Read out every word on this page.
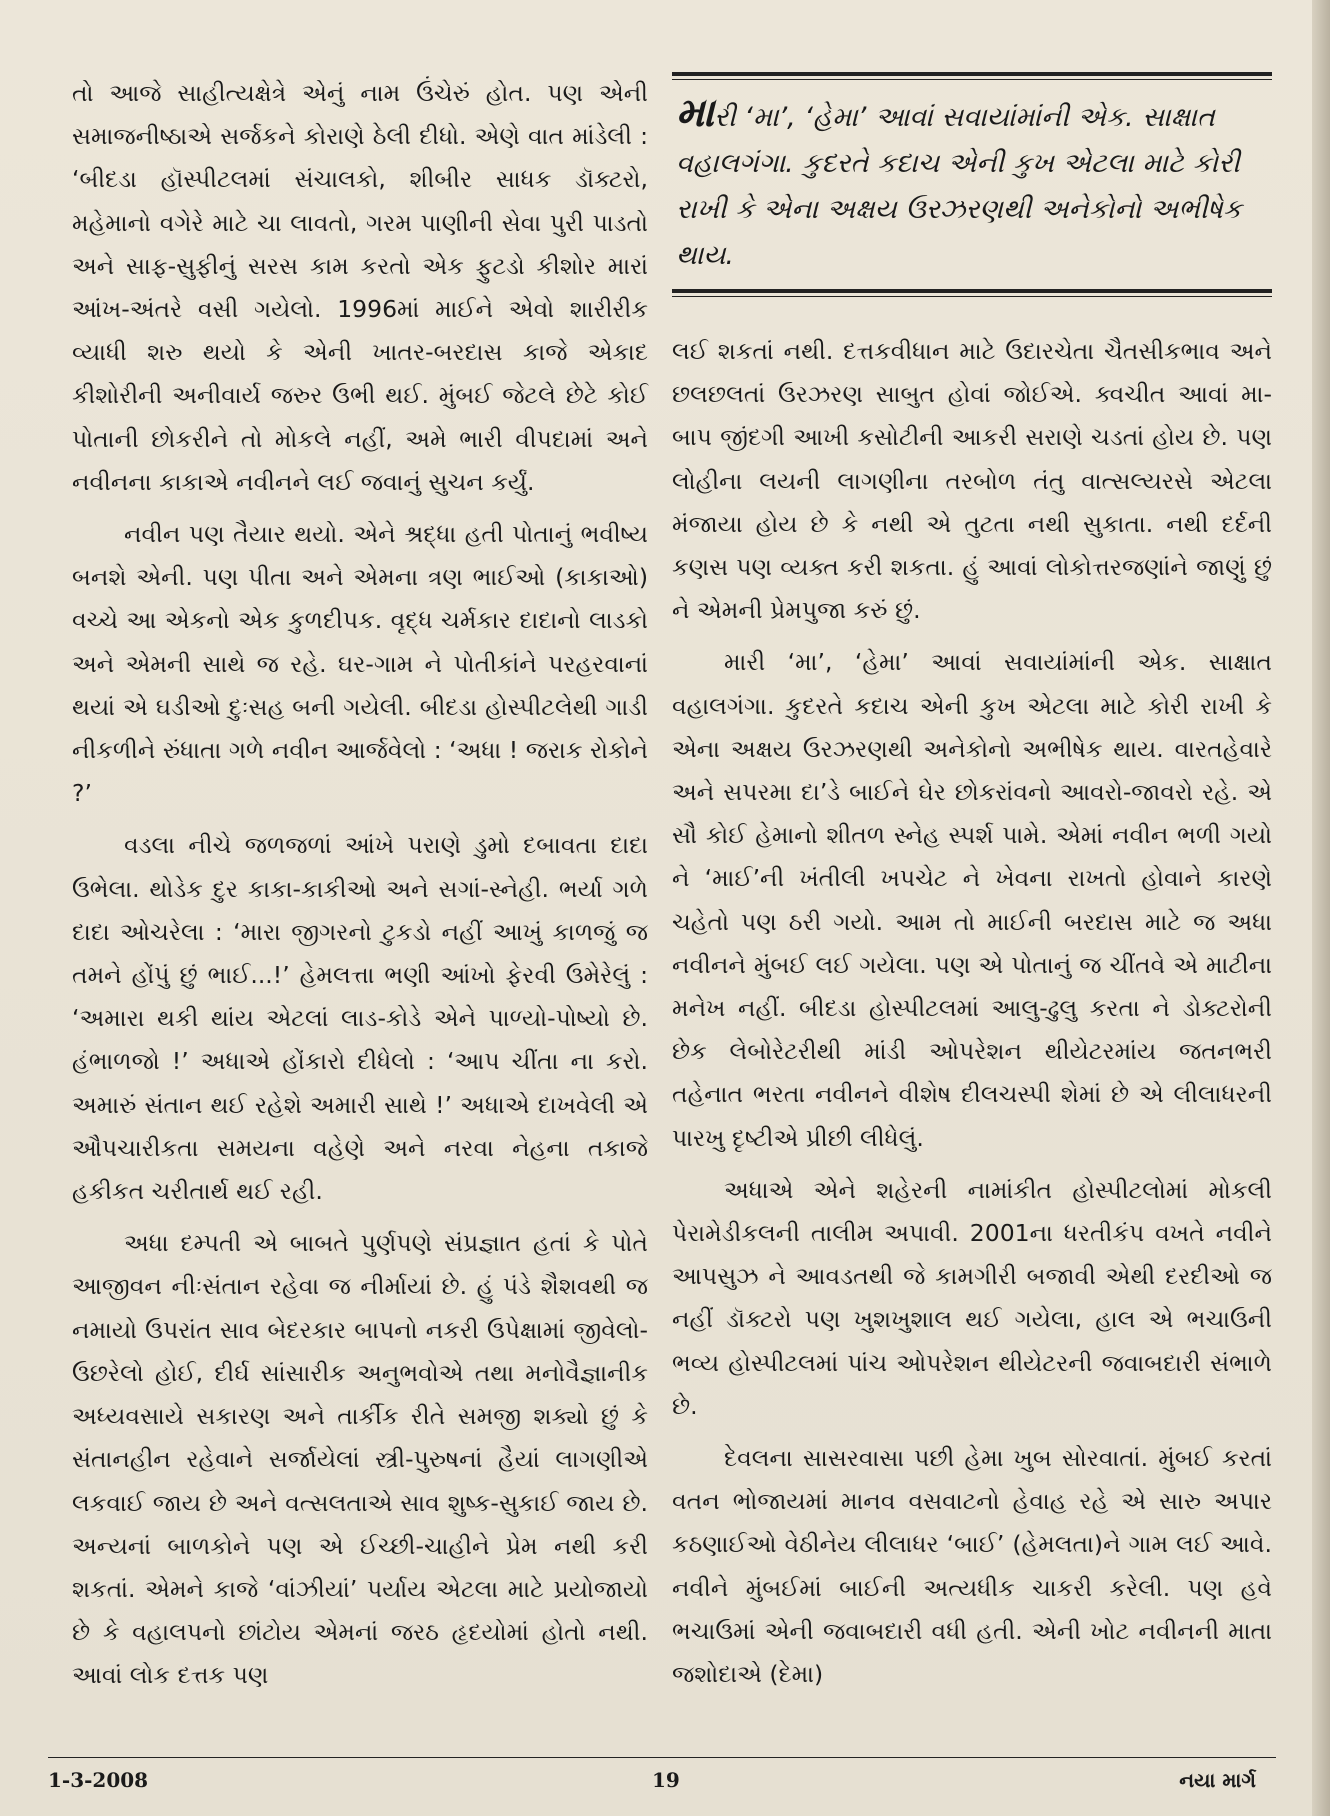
તો આજે સાહીત્યક્ષેત્રે એનું નામ ઉંચેરું હોત. પણ એની સમાજનીષ્ઠાએ સર્જકને કોરાણે ઠેલી દીધો. એણે વાત માંડેલી : ‘બીદડા હૉસ્પીટલમાં સંચાલકો, શીબીર સાધક ડૉક્ટરો, મહેમાનો વગેરે માટે ચા લાવતો, ગરમ પાણીની સેવા પુરી પાડતો અને સાફ-સુફીનું સરસ કામ કરતો એક ફુટડો કીશોર મારાં આંખ-અંતરે વસી ગયેલો. 1996માં માઈને એવો શારીરીક વ્યાધી શરુ થયો કે એની ખાતર-બરદાસ કાજે એકાદ કીશોરીની અનીવાર્ય જરુર ઉભી થઈ. મુંબઈ જેટલે છેટે કોઈ પોતાની છોકરીને તો મોકલે નહીં, અમે ભારી વીપદામાં અને નવીનના કાકાએ નવીનને લઈ જવાનું સુચન કર્યું.

નવીન પણ તૈયાર થયો. એને શ્રદ્ધા હતી પોતાનું ભવીષ્ય બનશે એની. પણ પીતા અને એમના ત્રણ ભાઈઓ (કાકાઓ) વચ્ચે આ એકનો એક કુળદીપક. વૃદ્ધ ચર્મકાર દાદાનો લાડકો અને એમની સાથે જ રહે. ઘર-ગામ ને પોતીકાંને પરહરવાનાં થયાં એ ઘડીઓ દુઃસહ બની ગયેલી. બીદડા હોસ્પીટલેથી ગાડી નીકળીને રુંધાતા ગળે નવીન આર્જવેલો : ‘અધા ! જરાક રોકોને ?’

વડલા નીચે જળજળાં આંખે પરાણે ડુમો દબાવતા દાદા ઉભેલા. થોડેક દુર કાકા-કાકીઓ અને સગાં-સ્નેહી. ભર્યા ગળે દાદા ઓચરેલા : ‘મારા જીગરનો ટુકડો નહીં આખું કાળજું જ તમને હોંપું છું ભાઈ...!’ હેમલત્તા ભણી આંખો ફેરવી ઉમેરેલું : ‘અમારા થકી થાંય એટલાં લાડ-કોડે એને પાળ્યો-પોષ્યો છે. હંભાળજો !’ અધાએ હોંકારો દીધેલો : ‘આપ ચીંતા ના કરો. અમારું સંતાન થઈ રહેશે અમારી સાથે !’ અધાએ દાખવેલી એ ઔપચારીકતા સમયના વહેણે અને નરવા નેહના તકાજે હકીકત ચરીતાર્થ થઈ રહી.

અધા દમ્પતી એ બાબતે પુર્ણપણે સંપ્રજ્ઞાત હતાં કે પોતે આજીવન નીઃસંતાન રહેવા જ નીર્માયાં છે. હું પંડે શૈશવથી જ નમાયો ઉપરાંત સાવ બેદરકાર બાપનો નકરી ઉપેક્ષામાં જીવેલો-ઉછરેલો હોઈ, દીર્ઘ સાંસારીક અનુભવોએ તથા મનોવૈજ્ઞાનીક અધ્યવસાયે સકારણ અને તાર્કીક રીતે સમજી શક્યો છું કે સંતાનહીન રહેવાને સર્જાયેલાં સ્ત્રી-પુરુષનાં હૈયાં લાગણીએ લકવાઈ જાય છે અને વત્સલતાએ સાવ શુષ્ક-સુકાઈ જાય છે. અન્યનાં બાળકોને પણ એ ઈચ્છી-ચાહીને પ્રેમ નથી કરી શકતાં. એમને કાજે ‘વાંઝીયાં’ પર્યાય એટલા માટે પ્રયોજાયો છે કે વહાલપનો છાંટોય એમનાં જરઠ હૃદયોમાં હોતો નથી. આવાં લોક દત્તક પણ

મારી ‘મા’, ‘હેમા’ આવાં સવાયાંમાંની એક. સાક્ષાત વહાલગંગા. કુદરતે કદાચ એની કુખ એટલા માટે કોરી રાખી કે એના અક્ષય ઉરઝરણથી અનેકોનો અભીષેક થાય.

લઈ શકતાં નથી. દત્તકવીધાન માટે ઉદારચેતા ચૈતસીકભાવ અને છલછલતાં ઉરઝરણ સાબુત હોવાં જોઈએ. ક્વચીત આવાં મા-બાપ જીંદગી આખી કસોટીની આકરી સરાણે ચડતાં હોય છે. પણ લોહીના લયની લાગણીના તરબોળ તંતુ વાત્સલ્યરસે એટલા મંજાયા હોય છે કે નથી એ તુટતા નથી સુકાતા. નથી દર્દની કણસ પણ વ્યક્ત કરી શકતા. હું આવાં લોકોત્તરજણાંને જાણું છું ને એમની પ્રેમપુજા કરું છું.

મારી ‘મા’, ‘હેમા’ આવાં સવાયાંમાંની એક. સાક્ષાત વહાલગંગા. કુદરતે કદાચ એની કુખ એટલા માટે કોરી રાખી કે એના અક્ષય ઉરઝરણથી અનેકોનો અભીષેક થાય. વારતહેવારે અને સપરમા દા’ડે બાઈને ઘેર છોકરાંવનો આવરો-જાવરો રહે. એ સૌ કોઈ હેમાનો શીતળ સ્નેહ સ્પર્શ પામે. એમાં નવીન ભળી ગયો ને ‘માઈ’ની ખંતીલી ખપચેટ ને ખેવના રાખતો હોવાને કારણે ચહેતો પણ ઠરી ગયો. આમ તો માઈની બરદાસ માટે જ અધા નવીનને મુંબઈ લઈ ગયેલા. પણ એ પોતાનું જ ચીંતવે એ માટીના મનેખ નહીં. બીદડા હોસ્પીટલમાં આલુ-ઢુલુ કરતા ને ડોક્ટરોની છેક લેબોરેટરીથી માંડી ઓપરેશન થીયેટરમાંય જતનભરી તહેનાત ભરતા નવીનને વીશેષ દીલચસ્પી શેમાં છે એ લીલાધરની પારખુ દૃષ્ટીએ પ્રીછી લીધેલું.

અધાએ એને શહેરની નામાંકીત હોસ્પીટલોમાં મોકલી પેરામેડીકલની તાલીમ અપાવી. 2001ના ધરતીકંપ વખતે નવીને આપસુઝ ને આવડતથી જે કામગીરી બજાવી એથી દરદીઓ જ નહીં ડૉક્ટરો પણ ખુશખુશાલ થઈ ગયેલા, હાલ એ ભચાઉની ભવ્ય હોસ્પીટલમાં પાંચ ઓપરેશન થીયેટરની જવાબદારી સંભાળે છે.

દેવલના સાસરવાસા પછી હેમા ખુબ સોરવાતાં. મુંબઈ કરતાં વતન ભોજાયમાં માનવ વસવાટનો હેવાહ રહે એ સારુ અપાર કઠણાઈઓ વેઠીનેય લીલાધર ‘બાઈ’ (હેમલતા)ને ગામ લઈ આવે. નવીને મુંબઈમાં બાઈની અત્યધીક ચાકરી કરેલી. પણ હવે ભચાઉમાં એની જવાબદારી વધી હતી. એની ખોટ નવીનની માતા જશોદાએ (દેમા)

1-3-2008	19	નયા માર્ગ
